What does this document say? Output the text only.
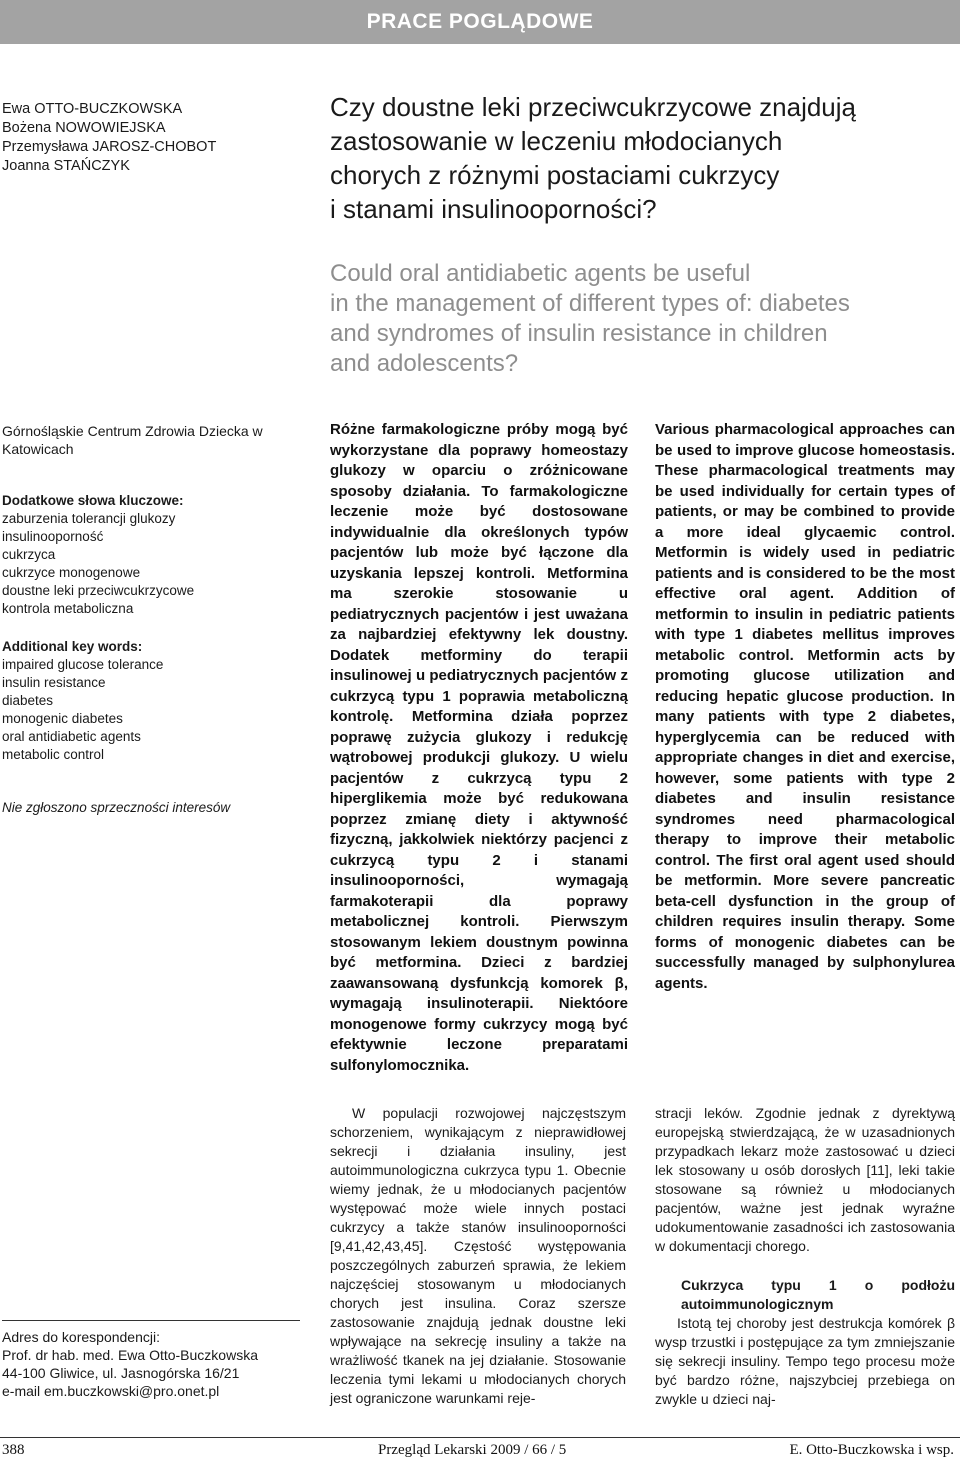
PRACE POGLĄDOWE
Ewa OTTO-BUCZKOWSKA
Bożena NOWOWIEJSKA
Przemysława JAROSZ-CHOBOT
Joanna STAŃCZYK
Czy doustne leki przeciwcukrzycowe znajdują
zastosowanie w leczeniu młodocianych
chorych z różnymi postaciami cukrzycy
i stanami insulinooporności?
Could oral antidiabetic agents be useful
in the management of different types of: diabetes
and syndromes of insulin resistance in children
and adolescents?
Górnośląskie Centrum Zdrowia Dziecka w Katowicach
Dodatkowe słowa kluczowe:
zaburzenia tolerancji glukozy
insulinooporność
cukrzyca
cukrzyce monogenowe
doustne leki przeciwcukrzycowe
kontrola metaboliczna
Additional key words:
impaired glucose tolerance
insulin resistance
diabetes
monogenic diabetes
oral antidiabetic agents
metabolic control
Nie zgłoszono sprzeczności interesów
Różne farmakologiczne próby mogą być wykorzystane dla poprawy homeostazy glukozy w oparciu o zróżnicowane sposoby działania. To farmakologiczne leczenie może być dostosowane indywidualnie dla określonych typów pacjentów lub może być łączone dla uzyskania lepszej kontroli. Metformina ma szerokie stosowanie u pediatrycznych pacjentów i jest uważana za najbardziej efektywny lek doustny. Dodatek metforminy do terapii insulinowej u pediatrycznych pacjentów z cukrzycą typu 1 poprawia metaboliczną kontrolę. Metformina działa poprzez poprawę zużycia glukozy i redukcję wątrobowej produkcji glukozy. U wielu pacjentów z cukrzycą typu 2 hiperglikemia może być redukowana poprzez zmianę diety i aktywność fizyczną, jakkolwiek niektórzy pacjenci z cukrzycą typu 2 i stanami insulinooporności, wymagają farmakoterapii dla poprawy metabolicznej kontroli. Pierwszym stosowanym lekiem doustnym powinna być metformina. Dzieci z bardziej zaawansowaną dysfunkcją komorek β, wymagają insulinoterapii. Niektóore monogenowe formy cukrzycy mogą być efektywnie leczone preparatami sulfonylomocznika.
Various pharmacological approaches can be used to improve glucose homeostasis. These pharmacological treatments may be used individually for certain types of patients, or may be combined to provide a more ideal glycaemic control. Metformin is widely used in pediatric patients and is considered to be the most effective oral agent. Addition of metformin to insulin in pediatric patients with type 1 diabetes mellitus improves metabolic control. Metformin acts by promoting glucose utilization and reducing hepatic glucose production. In many patients with type 2 diabetes, hyperglycemia can be reduced with appropriate changes in diet and exercise, however, some patients with type 2 diabetes and insulin resistance syndromes need pharmacological therapy to improve their metabolic control. The first oral agent used should be metformin. More severe pancreatic beta-cell dysfunction in the group of children requires insulin therapy. Some forms of monogenic diabetes can be successfully managed by sulphonylurea agents.

W populacji rozwojowej najczęstszym schorzeniem, wynikającym z nieprawidłowej sekrecji i działania insuliny, jest autoimmunologiczna cukrzyca typu 1. Obecnie wiemy jednak, że u młodocianych pacjentów występować może wiele innych postaci cukrzycy a także stanów insulinooporności [9,41,42,43,45]. Częstość występowania poszczególnych zaburzeń sprawia, że lekiem najczęściej stosowanym u młodocianych chorych jest insulina. Coraz szersze zastosowanie znajdują jednak doustne leki wpływające na sekrecję insuliny a także na wrażliwość tkanek na jej działanie. Stosowanie leczenia tymi lekami u młodocianych chorych jest ograniczone warunkami reje-

stracji leków. Zgodnie jednak z dyrektywą europejską stwierdzającą, że w uzasadnionych przypadkach lekarz może zastosować u dzieci lek stosowany u osób dorosłych [11], leki takie stosowane są również u młodocianych pacjentów, ważne jest jednak wyraźne udokumentowanie zasadności ich zastosowania w dokumentacji chorego.

Cukrzyca typu 1 o podłożu autoimmunologicznym

Istotą tej choroby jest destrukcja komórek β wysp trzustki i postępujące za tym zmniejszanie się sekrecji insuliny. Tempo tego procesu może być bardzo różne, najszybciej przebiega on zwykle u dzieci naj-

Adres do korespondencji:
Prof. dr hab. med. Ewa Otto-Buczkowska
44-100 Gliwice, ul. Jasnogórska 16/21
e-mail em.buczkowski@pro.onet.pl
388	Przegląd Lekarski 2009 / 66 / 5	E. Otto-Buczkowska i wsp.
